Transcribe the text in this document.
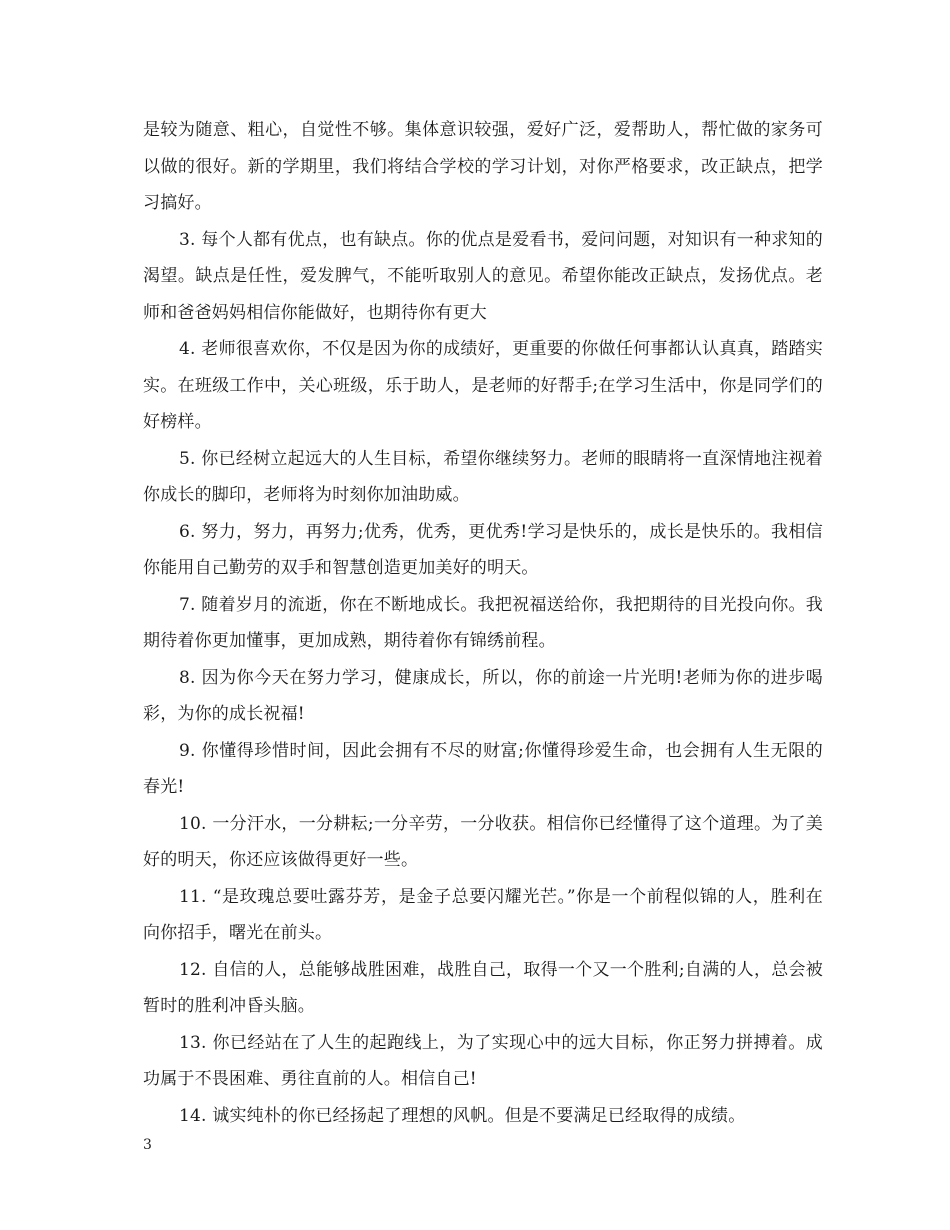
是较为随意、粗心，自觉性不够。集体意识较强，爱好广泛，爱帮助人，帮忙做的家务可以做的很好。新的学期里，我们将结合学校的学习计划，对你严格要求，改正缺点，把学习搞好。

3. 每个人都有优点，也有缺点。你的优点是爱看书，爱问问题，对知识有一种求知的渴望。缺点是任性，爱发脾气，不能听取别人的意见。希望你能改正缺点，发扬优点。老师和爸爸妈妈相信你能做好，也期待你有更大

4. 老师很喜欢你，不仅是因为你的成绩好，更重要的你做任何事都认认真真，踏踏实实。在班级工作中，关心班级，乐于助人，是老师的好帮手;在学习生活中，你是同学们的好榜样。

5. 你已经树立起远大的人生目标，希望你继续努力。老师的眼睛将一直深情地注视着你成长的脚印，老师将为时刻你加油助威。

6. 努力，努力，再努力;优秀，优秀，更优秀!学习是快乐的，成长是快乐的。我相信你能用自己勤劳的双手和智慧创造更加美好的明天。

7. 随着岁月的流逝，你在不断地成长。我把祝福送给你，我把期待的目光投向你。我期待着你更加懂事，更加成熟，期待着你有锦绣前程。

8. 因为你今天在努力学习，健康成长，所以，你的前途一片光明!老师为你的进步喝彩，为你的成长祝福!

9. 你懂得珍惜时间，因此会拥有不尽的财富;你懂得珍爱生命，也会拥有人生无限的春光!

10. 一分汗水，一分耕耘;一分辛劳，一分收获。相信你已经懂得了这个道理。为了美好的明天，你还应该做得更好一些。

11. “是玫瑰总要吐露芬芳，是金子总要闪耀光芒。”你是一个前程似锦的人，胜利在向你招手，曙光在前头。

12. 自信的人，总能够战胜困难，战胜自己，取得一个又一个胜利;自满的人，总会被暂时的胜利冲昏头脑。

13. 你已经站在了人生的起跑线上，为了实现心中的远大目标，你正努力拼搏着。成功属于不畏困难、勇往直前的人。相信自己!

14. 诚实纯朴的你已经扬起了理想的风帆。但是不要满足已经取得的成绩。

3
